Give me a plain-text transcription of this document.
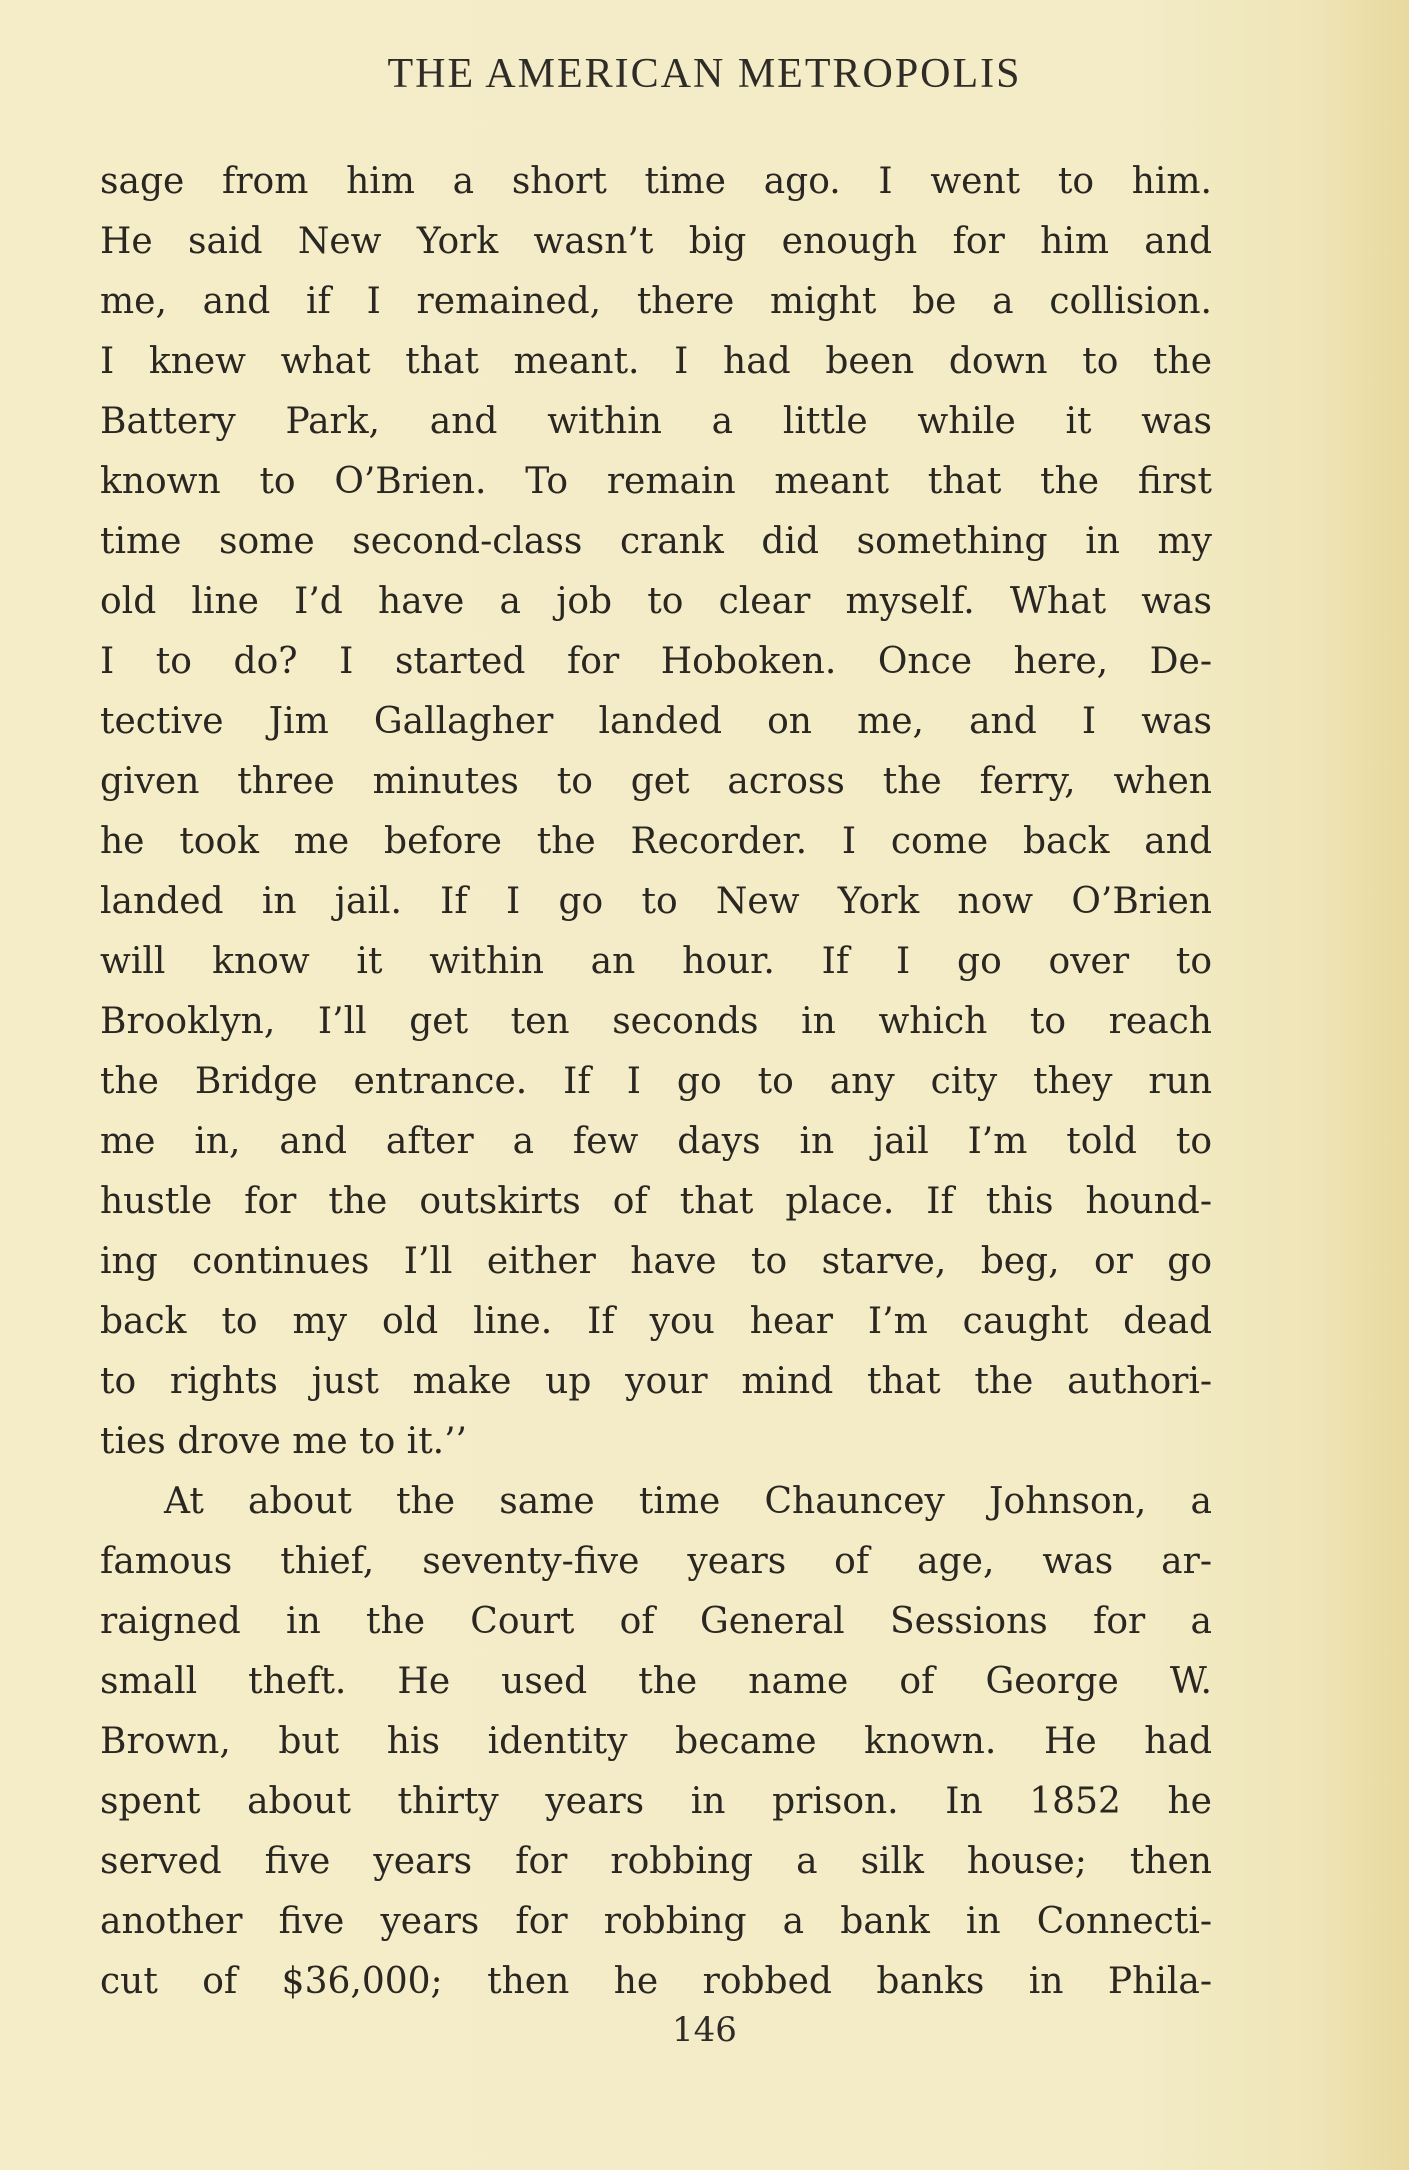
THE AMERICAN METROPOLIS
sage from him a short time ago. I went to him.
He said New York wasn’t big enough for him and
me, and if I remained, there might be a collision.
I knew what that meant. I had been down to the
Battery Park, and within a little while it was
known to O’Brien. To remain meant that the first
time some second-class crank did something in my
old line I’d have a job to clear myself. What was
I to do? I started for Hoboken. Once here, De-
tective Jim Gallagher landed on me, and I was
given three minutes to get across the ferry, when
he took me before the Recorder. I come back and
landed in jail. If I go to New York now O’Brien
will know it within an hour. If I go over to
Brooklyn, I’ll get ten seconds in which to reach
the Bridge entrance. If I go to any city they run
me in, and after a few days in jail I’m told to
hustle for the outskirts of that place. If this hound-
ing continues I’ll either have to starve, beg, or go
back to my old line. If you hear I’m caught dead
to rights just make up your mind that the authori-
ties drove me to it.’’
At about the same time Chauncey Johnson, a
famous thief, seventy-five years of age, was ar-
raigned in the Court of General Sessions for a
small theft. He used the name of George W.
Brown, but his identity became known. He had
spent about thirty years in prison. In 1852 he
served five years for robbing a silk house; then
another five years for robbing a bank in Connecti-
cut of $36,000; then he robbed banks in Phila-
146
